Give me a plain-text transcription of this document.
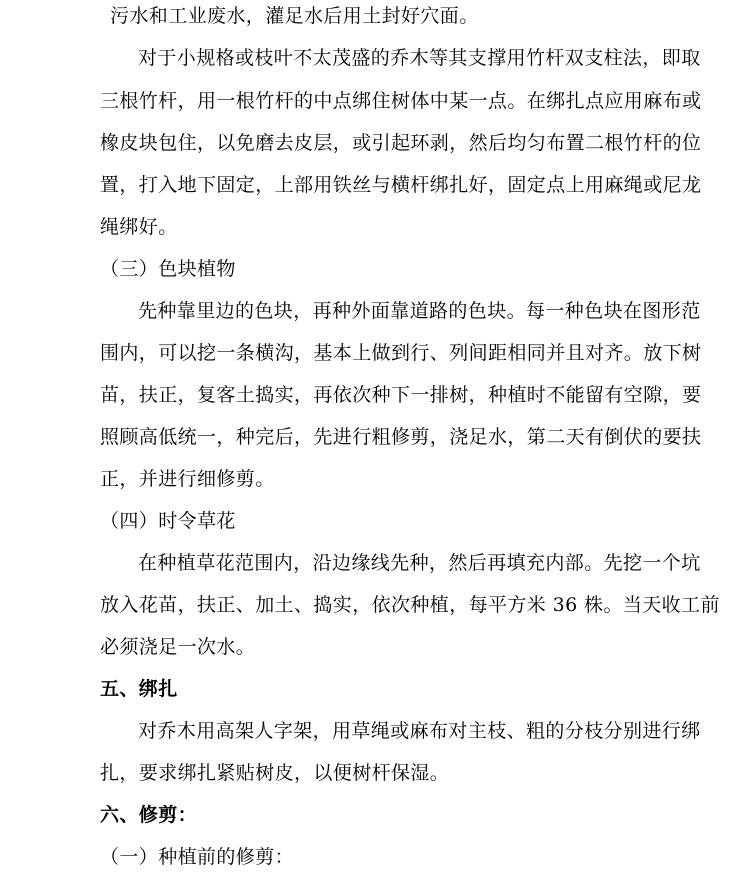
污水和工业废水，灌足水后用土封好穴面。
对于小规格或枝叶不太茂盛的乔木等其支撑用竹杆双支柱法，即取
三根竹杆，用一根竹杆的中点绑住树体中某一点。在绑扎点应用麻布或
橡皮块包住，以免磨去皮层，或引起环剥，然后均匀布置二根竹杆的位
置，打入地下固定，上部用铁丝与横杆绑扎好，固定点上用麻绳或尼龙
绳绑好。
（三）色块植物
先种靠里边的色块，再种外面靠道路的色块。每一种色块在图形范
围内，可以挖一条横沟，基本上做到行、列间距相同并且对齐。放下树
苗，扶正，复客土捣实，再依次种下一排树，种植时不能留有空隙，要
照顾高低统一，种完后，先进行粗修剪，浇足水，第二天有倒伏的要扶
正，并进行细修剪。
（四）时令草花
在种植草花范围内，沿边缘线先种，然后再填充内部。先挖一个坑
放入花苗，扶正、加土、捣实，依次种植，每平方米 36 株。当天收工前
必须浇足一次水。
五、绑扎
对乔木用高架人字架，用草绳或麻布对主枝、粗的分枝分别进行绑
扎，要求绑扎紧贴树皮，以便树杆保湿。
六、修剪：
（一）种植前的修剪：
